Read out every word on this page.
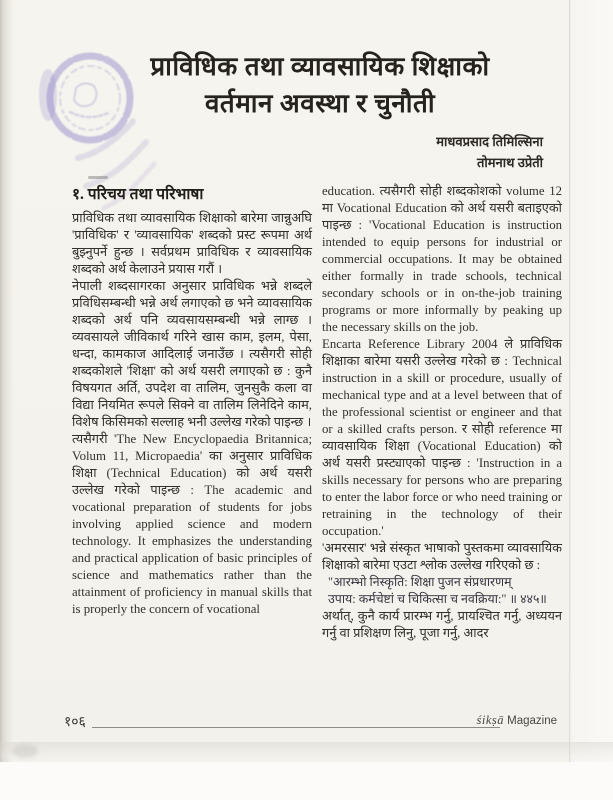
प्राविधिक तथा व्यावसायिक शिक्षाको
वर्तमान अवस्था र चुनौती
माधवप्रसाद तिमिल्सिना
तोमनाथ उप्रेती
१. परिचय तथा परिभाषा

प्राविधिक तथा व्यावसायिक शिक्षाको बारेमा जान्नुअघि 'प्राविधिक' र 'व्यावसायिक' शब्दको प्रस्ट रूपमा अर्थ बुझ्नुपर्ने हुन्छ । सर्वप्रथम प्राविधिक र व्यावसायिक शब्दको अर्थ केलाउने प्रयास गरौं ।

नेपाली शब्दसागरका अनुसार प्राविधिक भन्ने शब्दले प्रविधिसम्बन्धी भन्ने अर्थ लगाएको छ भने व्यावसायिक शब्दको अर्थ पनि व्यवसायसम्बन्धी भन्ने लाग्छ । व्यवसायले जीविकार्थ गरिने खास काम, इलम, पेसा, धन्दा, कामकाज आदिलाई जनाउँछ । त्यसैगरी सोही शब्दकोशले 'शिक्षा' को अर्थ यसरी लगाएको छ : कुनै विषयगत अर्ति, उपदेश वा तालिम, जुनसुकै कला वा विद्या नियमित रूपले सिक्ने वा तालिम लिनेदिने काम, विशेष किसिमको सल्लाह भनी उल्लेख गरेको पाइन्छ ।

त्यसैगरी 'The New Encyclopaedia Britannica; Volum 11, Micropaedia' का अनुसार प्राविधिक शिक्षा (Technical Education) को अर्थ यसरी उल्लेख गरेको पाइन्छ : The academic and vocational preparation of students for jobs involving applied science and modern technology. It emphasizes the understanding and practical application of basic principles of science and mathematics rather than the attainment of proficiency in manual skills that is properly the concern of vocational

education. त्यसैगरी सोही शब्दकोशको volume 12 मा Vocational Education को अर्थ यसरी बताइएको पाइन्छ : 'Vocational Education is instruction intended to equip persons for industrial or commercial occupations. It may be obtained either formally in trade schools, technical secondary schools or in on-the-job training programs or more informally by peaking up the necessary skills on the job.

Encarta Reference Library 2004 ले प्राविधिक शिक्षाका बारेमा यसरी उल्लेख गरेको छ : Technical instruction in a skill or procedure, usually of mechanical type and at a level between that of the professional scientist or engineer and that or a skilled crafts person. र सोही reference मा व्यावसायिक शिक्षा (Vocational Education) को अर्थ यसरी प्रस्ट्याएको पाइन्छ : 'Instruction in a skills necessary for persons who are preparing to enter the labor force or who need training or retraining in the technology of their occupation.'

'अमरसार' भन्ने संस्कृत भाषाको पुस्तकमा व्यावसायिक शिक्षाको बारेमा एउटा श्लोक उल्लेख गरिएको छ :

"आरम्भो निस्कृति: शिक्षा पुजन संप्रधारणम्
उपाय: कर्मचेष्टां च चिकित्सा च नवक्रिया:" ॥ ४४५॥

अर्थात्, कुनै कार्य प्रारम्भ गर्नु, प्रायश्चित गर्नु, अध्ययन गर्नु वा प्रशिक्षण लिनु, पूजा गर्नु, आदर

१०६	śikṣā Magazine
